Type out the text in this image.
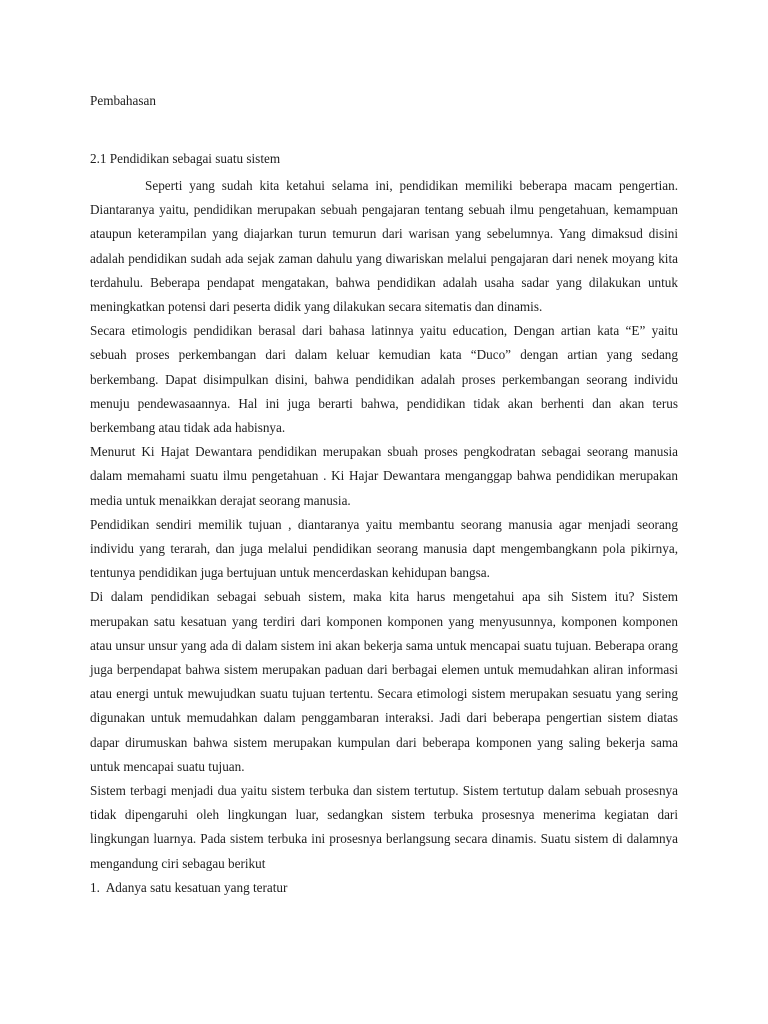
Pembahasan
2.1 Pendidikan sebagai suatu sistem

Seperti yang sudah kita ketahui selama ini, pendidikan memiliki beberapa macam pengertian. Diantaranya yaitu, pendidikan merupakan sebuah pengajaran tentang sebuah ilmu pengetahuan, kemampuan ataupun keterampilan yang diajarkan turun temurun dari warisan yang sebelumnya. Yang dimaksud disini adalah pendidikan sudah ada sejak zaman dahulu yang diwariskan melalui pengajaran dari nenek moyang kita terdahulu. Beberapa pendapat mengatakan, bahwa pendidikan adalah usaha sadar yang dilakukan untuk meningkatkan potensi dari peserta didik yang dilakukan secara sitematis dan dinamis.

Secara etimologis pendidikan berasal dari bahasa latinnya yaitu education, Dengan artian kata “E” yaitu sebuah proses perkembangan dari dalam keluar kemudian kata “Duco” dengan artian yang sedang berkembang. Dapat disimpulkan disini, bahwa pendidikan adalah proses perkembangan seorang individu menuju pendewasaannya. Hal ini juga berarti bahwa, pendidikan tidak akan berhenti dan akan terus berkembang atau tidak ada habisnya.

Menurut Ki Hajat Dewantara pendidikan merupakan sbuah proses pengkodratan sebagai seorang manusia dalam memahami suatu ilmu pengetahuan . Ki Hajar Dewantara menganggap bahwa pendidikan merupakan media untuk menaikkan derajat seorang manusia.

Pendidikan sendiri memilik tujuan , diantaranya yaitu membantu seorang manusia agar menjadi seorang individu yang terarah, dan juga melalui pendidikan seorang manusia dapt mengembangkann pola pikirnya, tentunya pendidikan juga bertujuan untuk mencerdaskan kehidupan bangsa.

Di dalam pendidikan sebagai sebuah sistem, maka kita harus mengetahui apa sih Sistem itu? Sistem merupakan satu kesatuan yang terdiri dari komponen komponen yang menyusunnya, komponen komponen atau unsur unsur yang ada di dalam sistem ini akan bekerja sama untuk mencapai suatu tujuan. Beberapa orang juga berpendapat bahwa sistem merupakan paduan dari berbagai elemen untuk memudahkan aliran informasi atau energi untuk mewujudkan suatu tujuan tertentu. Secara etimologi sistem merupakan sesuatu yang sering digunakan untuk memudahkan dalam penggambaran interaksi. Jadi dari beberapa pengertian sistem diatas dapar dirumuskan bahwa sistem merupakan kumpulan dari beberapa komponen yang saling bekerja sama untuk mencapai suatu tujuan.

Sistem terbagi menjadi dua yaitu sistem terbuka dan sistem tertutup. Sistem tertutup dalam sebuah prosesnya tidak dipengaruhi oleh lingkungan luar, sedangkan sistem terbuka prosesnya menerima kegiatan dari lingkungan luarnya. Pada sistem terbuka ini prosesnya berlangsung secara dinamis. Suatu sistem di dalamnya mengandung ciri sebagau berikut

1.  Adanya satu kesatuan yang teratur
